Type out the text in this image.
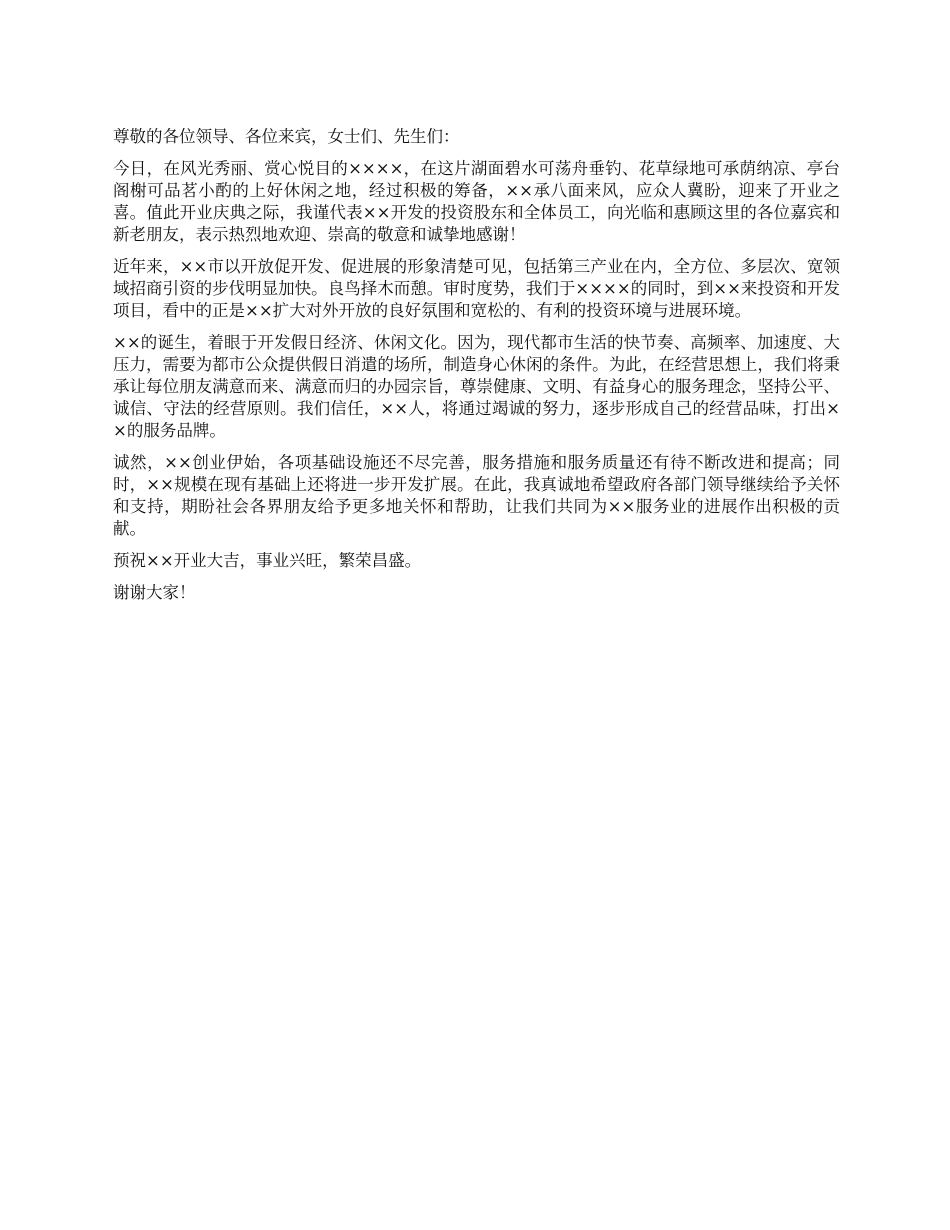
尊敬的各位领导、各位来宾，女士们、先生们：

今日，在风光秀丽、赏心悦目的××××，在这片湖面碧水可荡舟垂钓、花草绿地可承荫纳凉、亭台阁榭可品茗小酌的上好休闲之地，经过积极的筹备，××承八面来风，应众人冀盼，迎来了开业之喜。值此开业庆典之际，我谨代表××开发的投资股东和全体员工，向光临和惠顾这里的各位嘉宾和新老朋友，表示热烈地欢迎、崇高的敬意和诚挚地感谢！

近年来，××市以开放促开发、促进展的形象清楚可见，包括第三产业在内，全方位、多层次、宽领域招商引资的步伐明显加快。良鸟择木而憩。审时度势，我们于××××的同时，到××来投资和开发项目，看中的正是××扩大对外开放的良好氛围和宽松的、有利的投资环境与进展环境。

××的诞生，着眼于开发假日经济、休闲文化。因为，现代都市生活的快节奏、高频率、加速度、大压力，需要为都市公众提供假日消遣的场所，制造身心休闲的条件。为此，在经营思想上，我们将秉承让每位朋友满意而来、满意而归的办园宗旨，尊崇健康、文明、有益身心的服务理念，坚持公平、诚信、守法的经营原则。我们信任，××人，将通过竭诚的努力，逐步形成自己的经营品味，打出××的服务品牌。

诚然，××创业伊始，各项基础设施还不尽完善，服务措施和服务质量还有待不断改进和提高；同时，××规模在现有基础上还将进一步开发扩展。在此，我真诚地希望政府各部门领导继续给予关怀和支持，期盼社会各界朋友给予更多地关怀和帮助，让我们共同为××服务业的进展作出积极的贡献。

预祝××开业大吉，事业兴旺，繁荣昌盛。

谢谢大家！
